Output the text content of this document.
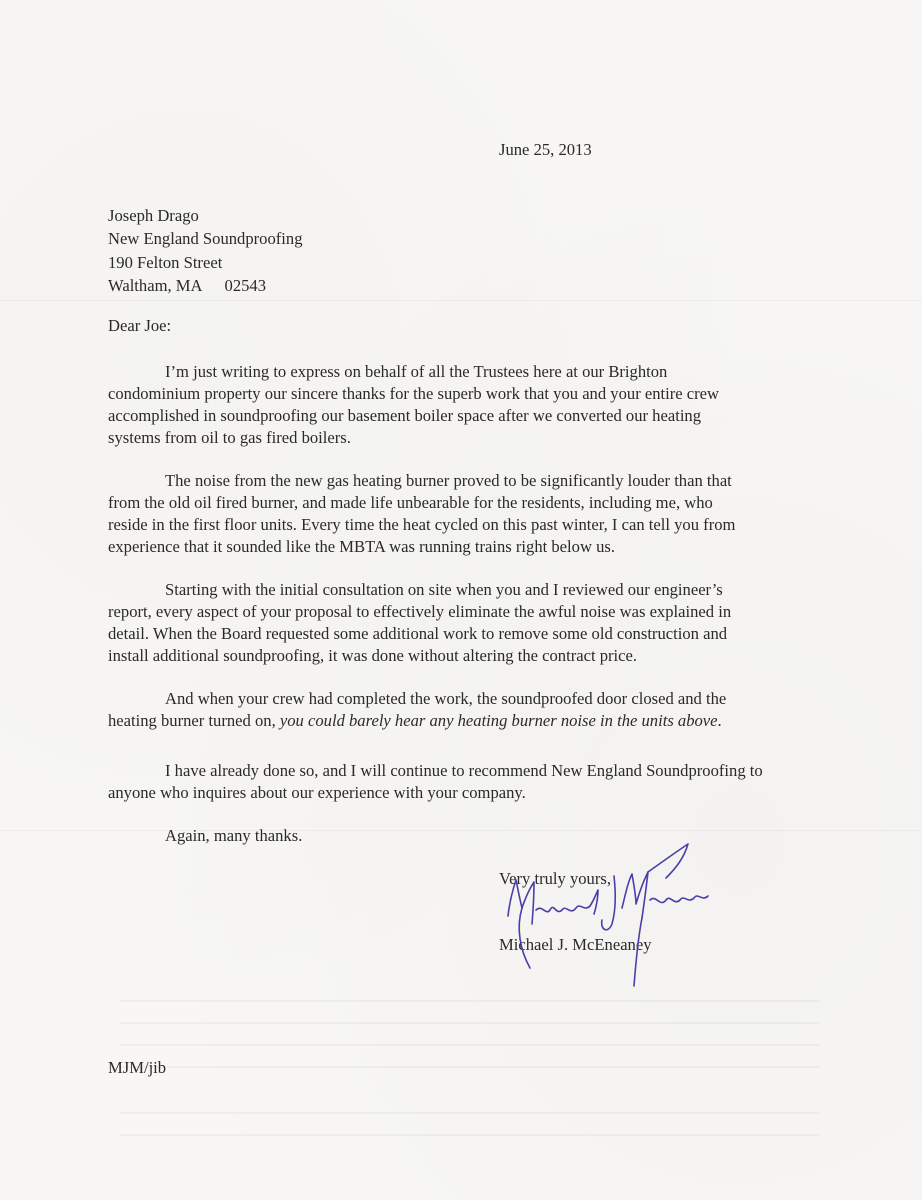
June 25, 2013
Joseph Drago
New England Soundproofing
190 Felton Street
Waltham, MA 02543
Dear Joe:
I’m just writing to express on behalf of all the Trustees here at our Brighton
condominium property our sincere thanks for the superb work that you and your entire crew
accomplished in soundproofing our basement boiler space after we converted our heating
systems from oil to gas fired boilers.
The noise from the new gas heating burner proved to be significantly louder than that
from the old oil fired burner, and made life unbearable for the residents, including me, who
reside in the first floor units. Every time the heat cycled on this past winter, I can tell you from
experience that it sounded like the MBTA was running trains right below us.
Starting with the initial consultation on site when you and I reviewed our engineer’s
report, every aspect of your proposal to effectively eliminate the awful noise was explained in
detail. When the Board requested some additional work to remove some old construction and
install additional soundproofing, it was done without altering the contract price.
And when your crew had completed the work, the soundproofed door closed and the
heating burner turned on, you could barely hear any heating burner noise in the units above.
I have already done so, and I will continue to recommend New England Soundproofing to
anyone who inquires about our experience with your company.
Again, many thanks.
Very truly yours,
Michael J. McEneaney
MJM/jib
